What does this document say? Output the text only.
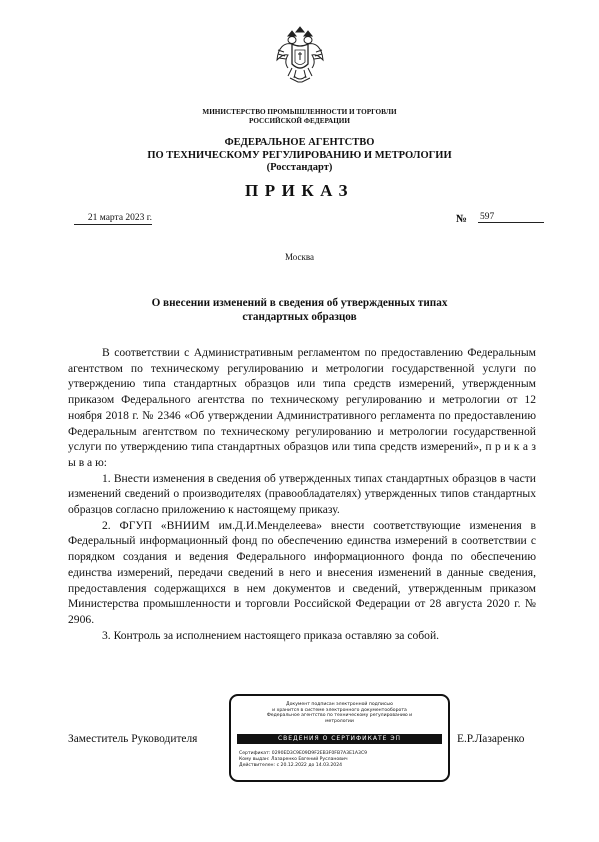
МИНИСТЕРСТВО ПРОМЫШЛЕННОСТИ И ТОРГОВЛИ
РОССИЙСКОЙ ФЕДЕРАЦИИ
ФЕДЕРАЛЬНОЕ АГЕНТСТВО
ПО ТЕХНИЧЕСКОМУ РЕГУЛИРОВАНИЮ И МЕТРОЛОГИИ
(Росстандарт)
ПРИКАЗ
21 марта 2023 г.	№ 597
Москва
О внесении изменений в сведения об утвержденных типах
стандартных образцов

В соответствии с Административным регламентом по предоставлению Федеральным агентством по техническому регулированию и метрологии государственной услуги по утверждению типа стандартных образцов или типа средств измерений, утвержденным приказом Федерального агентства по техническому регулированию и метрологии от 12 ноября 2018 г. № 2346 «Об утверждении Административного регламента по предоставлению Федеральным агентством по техническому регулированию и метрологии государственной услуги по утверждению типа стандартных образцов или типа средств измерений», п р и к а з ы в а ю:

1. Внести изменения в сведения об утвержденных типах стандартных образцов в части изменений сведений о производителях (правообладателях) утвержденных типов стандартных образцов согласно приложению к настоящему приказу.

2. ФГУП «ВНИИМ им.Д.И.Менделеева» внести соответствующие изменения в Федеральный информационный фонд по обеспечению единства измерений в соответствии с порядком создания и ведения Федерального информационного фонда по обеспечению единства измерений, передачи сведений в него и внесения изменений в данные сведения, предоставления содержащихся в нем документов и сведений, утвержденным приказом Министерства промышленности и торговли Российской Федерации от 28 августа 2020 г. № 2906.

3. Контроль за исполнением настоящего приказа оставляю за собой.

Заместитель Руководителя	Е.Р.Лазаренко
Документ подписан электронной подписью
и хранится в системе электронного документооборота
Федеральное агентство по техническому регулированию и
метрологии
СВЕДЕНИЯ О СЕРТИФИКАТЕ ЭП
Сертификат: 0290ED3C9E09D9F2EB3F0FB7A3E1A3C9
Кому выдан: Лазаренко Евгений Русланович
Действителен: с 20.12.2022 до 14.03.2024
